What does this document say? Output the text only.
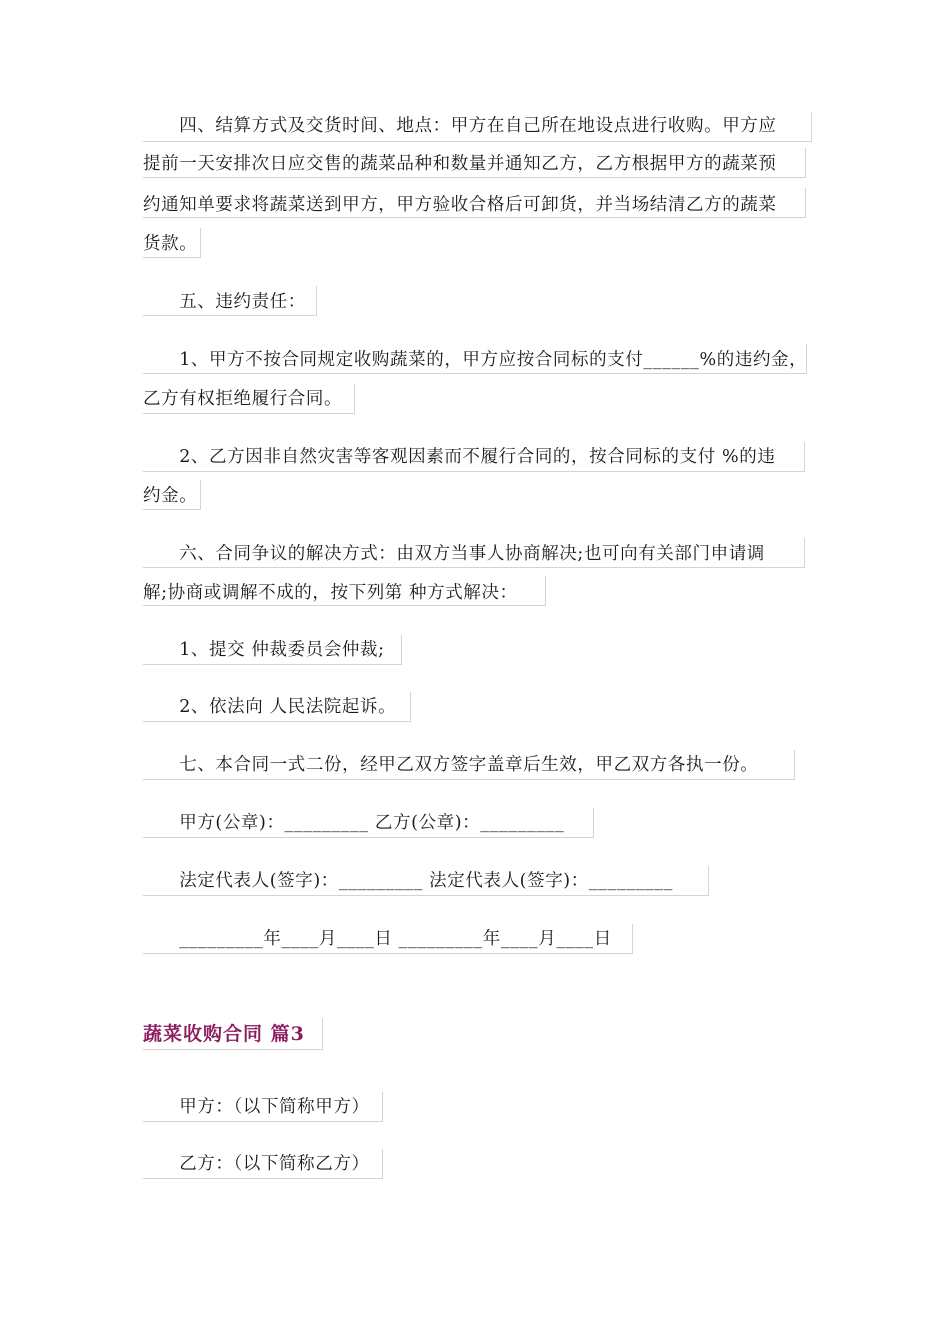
　　四、结算方式及交货时间、地点：甲方在自己所在地设点进行收购。甲方应
提前一天安排次日应交售的蔬菜品种和数量并通知乙方，乙方根据甲方的蔬菜预
约通知单要求将蔬菜送到甲方，甲方验收合格后可卸货，并当场结清乙方的蔬菜
货款。
　　五、违约责任：
　　1、甲方不按合同规定收购蔬菜的，甲方应按合同标的支付______%的违约金，
乙方有权拒绝履行合同。
　　2、乙方因非自然灾害等客观因素而不履行合同的，按合同标的支付 %的违
约金。
　　六、合同争议的解决方式：由双方当事人协商解决;也可向有关部门申请调
解;协商或调解不成的，按下列第 种方式解决：
　　1、提交 仲裁委员会仲裁;
　　2、依法向 人民法院起诉。
　　七、本合同一式二份，经甲乙双方签字盖章后生效，甲乙双方各执一份。
　　甲方(公章)：_________ 乙方(公章)：_________
　　法定代表人(签字)：_________ 法定代表人(签字)：_________
　　_________年____月____日 _________年____月____日
蔬菜收购合同 篇3
　　甲方：（以下简称甲方）
　　乙方：（以下简称乙方）
